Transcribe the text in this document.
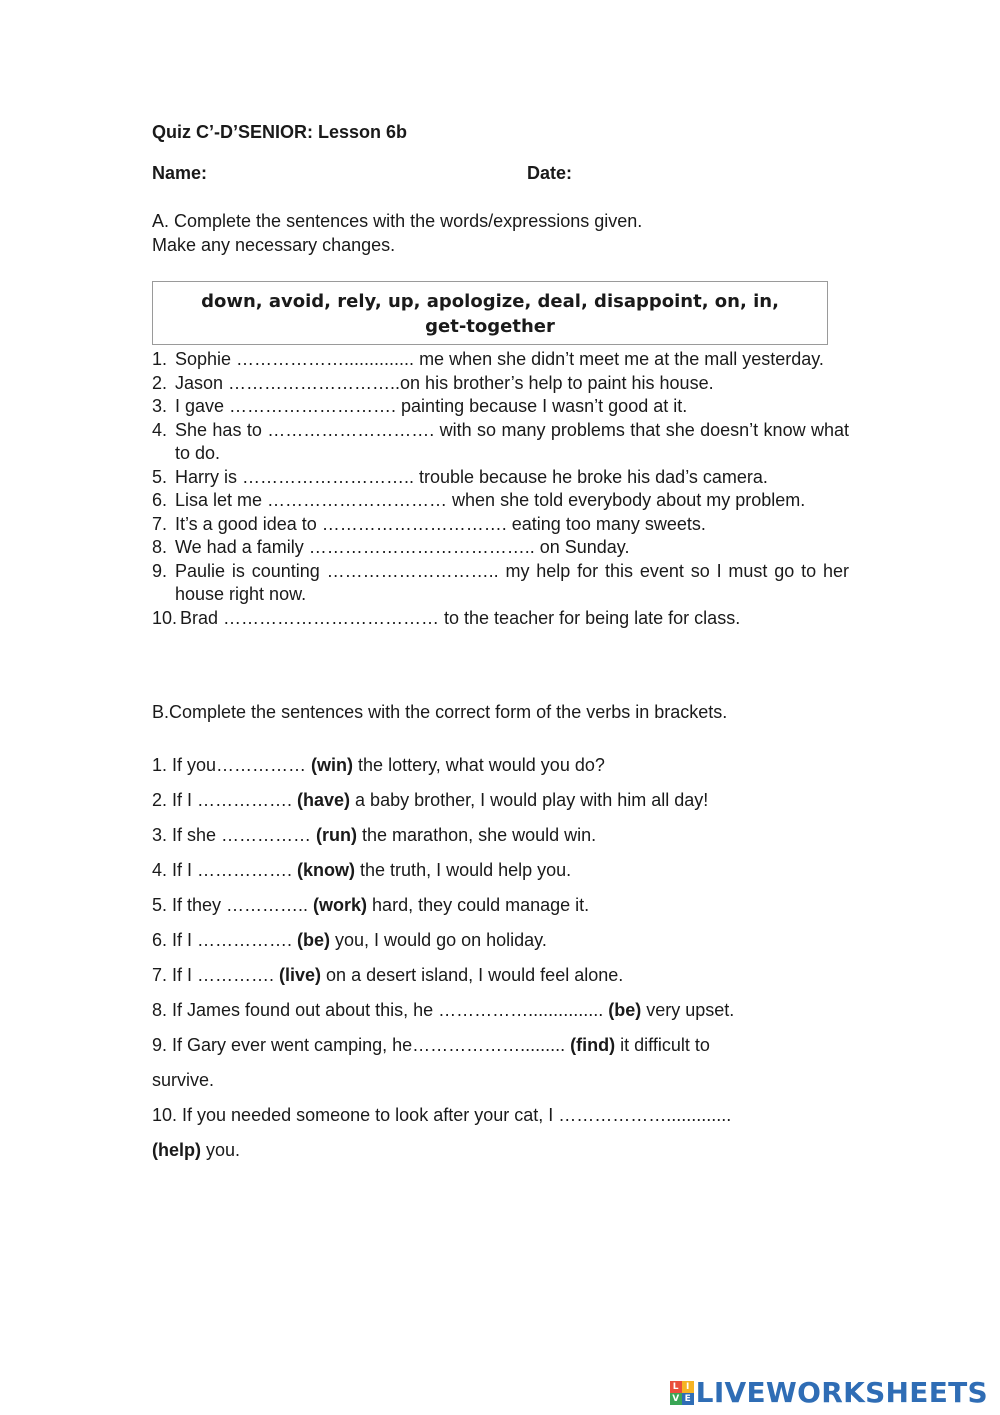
Quiz C’-D’SENIOR: Lesson 6b
Name:	Date:
A. Complete the sentences with the words/expressions given.
Make any necessary changes.
down, avoid, rely, up, apologize, deal, disappoint, on, in,
get-together
1. Sophie ……………….............. me when she didn’t meet me at the mall yesterday.
2. Jason ………………………..on his brother’s help to paint his house.
3. I gave ………………………. painting because I wasn’t good at it.
4. She has to ………………………. with so many problems that she doesn’t know what to do.
5. Harry is ……………………….. trouble because he broke his dad’s camera.
6. Lisa let me ………………………… when she told everybody about my problem.
7. It’s a good idea to …………………………. eating too many sweets.
8. We had a family ……………………………….. on Sunday.
9. Paulie is counting ……………………….. my help for this event so I must go to her house right now.
10. Brad ……………………………… to the teacher for being late for class.
B.Complete the sentences with the correct form of the verbs in brackets.
1. If you…………… (win) the lottery, what would you do?
2. If I ……………. (have) a baby brother, I would play with him all day!
3. If she …………… (run) the marathon, she would win.
4. If I ……………. (know) the truth, I would help you.
5. If they ………….. (work) hard, they could manage it.
6. If I ……………. (be) you, I would go on holiday.
7. If I …………. (live) on a desert island, I would feel alone.
8. If James found out about this, he ……………............... (be) very upset.
9. If Gary ever went camping, he………………......... (find) it difficult to
survive.
10. If you needed someone to look after your cat, I ……………….............
(help) you.
L I
V E LIVEWORKSHEETS
